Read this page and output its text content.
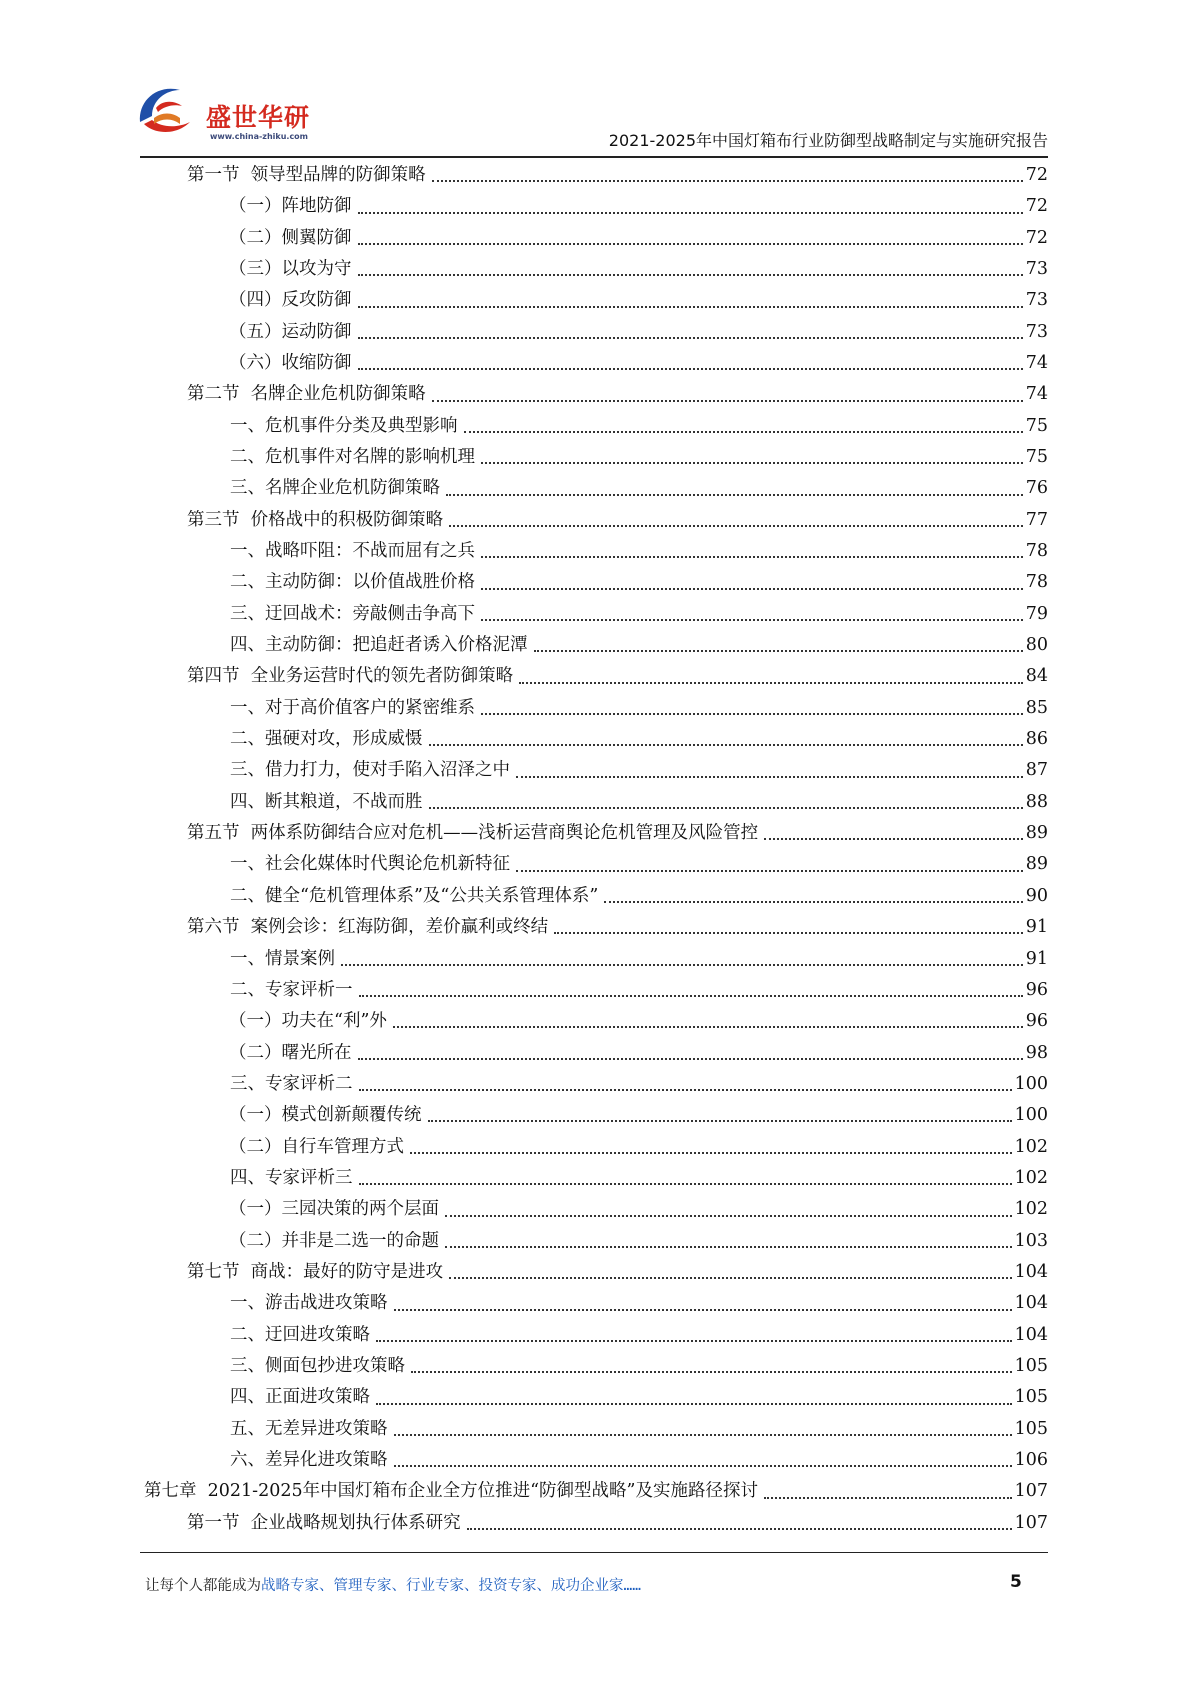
盛世华研
www.china-zhiku.com	2021-2025年中国灯箱布行业防御型战略制定与实施研究报告
第一节  领导型品牌的防御策略	72
（一）阵地防御	72
（二）侧翼防御	72
（三）以攻为守	73
（四）反攻防御	73
（五）运动防御	73
（六）收缩防御	74
第二节  名牌企业危机防御策略	74
一、危机事件分类及典型影响	75
二、危机事件对名牌的影响机理	75
三、名牌企业危机防御策略	76
第三节  价格战中的积极防御策略	77
一、战略吓阻：不战而屈有之兵	78
二、主动防御：以价值战胜价格	78
三、迂回战术：旁敲侧击争高下	79
四、主动防御：把追赶者诱入价格泥潭	80
第四节  全业务运营时代的领先者防御策略	84
一、对于高价值客户的紧密维系	85
二、强硬对攻，形成威慑	86
三、借力打力，使对手陷入沼泽之中	87
四、断其粮道，不战而胜	88
第五节  两体系防御结合应对危机——浅析运营商舆论危机管理及风险管控	89
一、社会化媒体时代舆论危机新特征	89
二、健全“危机管理体系”及“公共关系管理体系”	90
第六节  案例会诊：红海防御，差价赢利或终结	91
一、情景案例	91
二、专家评析一	96
（一）功夫在“利”外	96
（二）曙光所在	98
三、专家评析二	100
（一）模式创新颠覆传统	100
（二）自行车管理方式	102
四、专家评析三	102
（一）三园决策的两个层面	102
（二）并非是二选一的命题	103
第七节  商战：最好的防守是进攻	104
一、游击战进攻策略	104
二、迂回进攻策略	104
三、侧面包抄进攻策略	105
四、正面进攻策略	105
五、无差异进攻策略	105
六、差异化进攻策略	106
第七章  2021-2025年中国灯箱布企业全方位推进“防御型战略”及实施路径探讨	107
第一节  企业战略规划执行体系研究	107
让每个人都能成为战略专家、管理专家、行业专家、投资专家、成功企业家……	5
